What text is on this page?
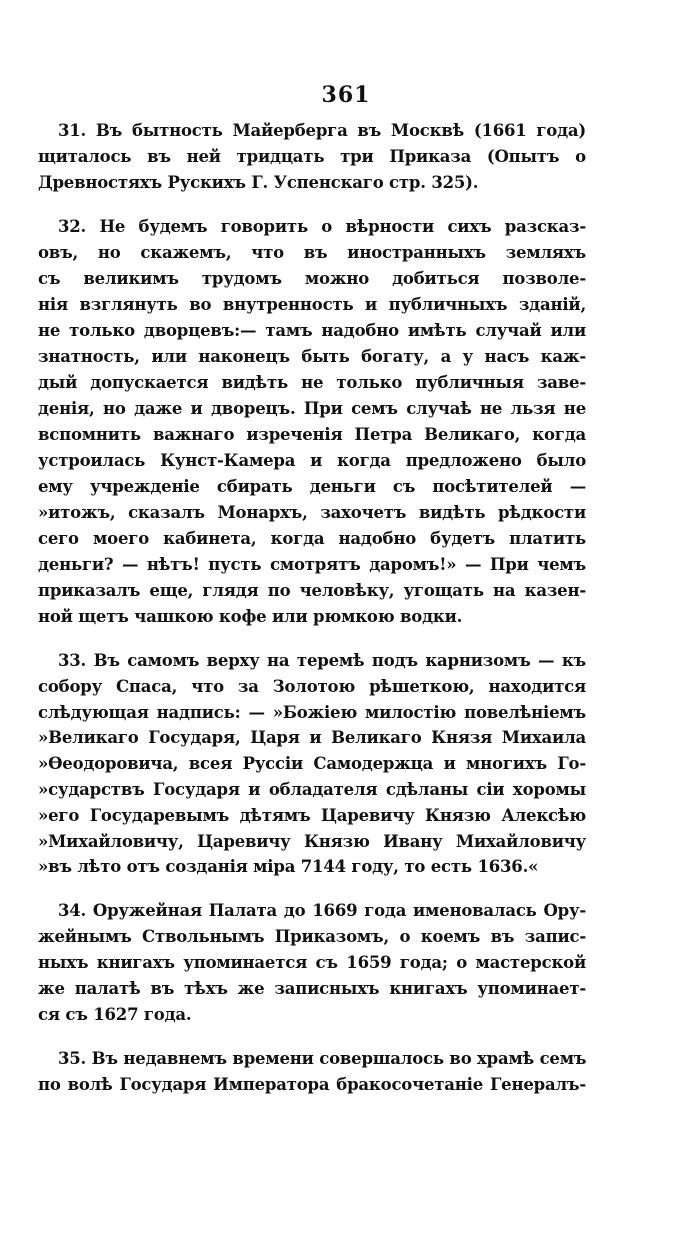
361
31. Въ бытность Майерберга въ Москвѣ (1661 года)
щиталось въ ней тридцать три Приказа (Опытъ о
Древностяхъ Рускихъ Г. Успенскаго стр. 325).
32. Не будемъ говорить о вѣрности сихъ разсказ-
овъ, но скажемъ, что въ иностранныхъ земляхъ
съ великимъ трудомъ можно добиться позволе-
нія взглянуть во внутренность и публичныхъ зданій,
не только дворцевъ:— тамъ надобно имѣть случай или
знатность, или наконецъ быть богату, а у насъ каж-
дый допускается видѣть не только публичныя заве-
денія, но даже и дворецъ. При семъ случаѣ не льзя не
вспомнить важнаго изреченія Петра Великаго, когда
устроилась Кунст-Камера и когда предложено было
ему учрежденіе сбирать деньги съ посѣтителей —
»итожъ, сказалъ Монархъ, захочетъ видѣть рѣдкости
сего моего кабинета, когда надобно будетъ платить
деньги? — нѣтъ! пусть смотрятъ даромъ!» — При чемъ
приказалъ еще, глядя по человѣку, угощать на казен-
ной щетъ чашкою кофе или рюмкою водки.
33. Въ самомъ верху на теремѣ подъ карнизомъ — къ
собору Спаса, что за Золотою рѣшеткою, находится
слѣдующая надпись: — »Божіею милостію повелѣніемъ
»Великаго Государя, Царя и Великаго Князя Михаила
»Ѳеодоровича, всея Руссіи Самодержца и многихъ Го-
»сударствъ Государя и обладателя сдѣланы сіи хоромы
»его Государевымъ дѣтямъ Царевичу Князю Алексѣю
»Михайловичу, Царевичу Князю Ивану Михайловичу
»въ лѣто отъ созданія міра 7144 году, то есть 1636.«
34. Оружейная Палата до 1669 года именовалась Ору-
жейнымъ Ствольнымъ Приказомъ, о коемъ въ запис-
ныхъ книгахъ упоминается съ 1659 года; о мастерской
же палатѣ въ тѣхъ же записныхъ книгахъ упоминает-
ся съ 1627 года.
35. Въ недавнемъ времени совершалось во храмѣ семъ
по волѣ Государя Императора бракосочетаніе Генералъ-
